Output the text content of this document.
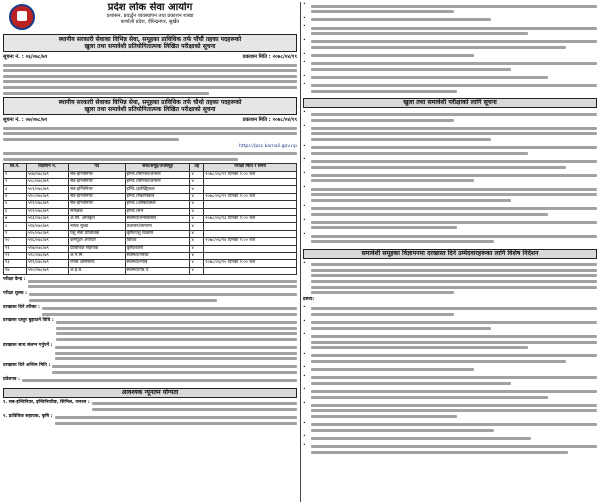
प्रदेश लोक सेवा आयोग
प्रशासन, प्रवर्द्धन व्यवस्थापन तथा प्रकाशन शाखा
कर्णाली प्रदेश, वीरेन्द्रनगर, सुर्खेत
स्थानीय सरकारी सेवाका विभिन्न सेवा, समूहका प्राविधिक तर्फ पाँचौं तहका पदहरूको
खुला तथा समावेशी प्रतियोगितात्मक लिखित परीक्षाको सूचना
सूचना नं. : ०६/०७८/७९	प्रकाशन मिति : २०७८/०४/१९
स्थानीय सरकारी सेवाका विभिन्न सेवा, समूहका प्राविधिक तर्फ चौथो तहका पदहरूको
खुला तथा समावेशी प्रतियोगितात्मक लिखित परीक्षाको सूचना
सूचना नं. : ०७/०७८/७९	प्रकाशन मिति : २०७८/०४/१९
https://psc.karnali.gov.np
सि.नं.	विज्ञापन नं.	पद	सेवा/समूह/उपसमूह	तह	परीक्षा मिति र समय
१	५०७/०७८/७९	सव-इन्जिनियर	इन्जि./सिभिल/जनरल	४	२०७८/०६/११ दिनको १:०० बजे
२	५०८/०७८/७९	सव-इन्जिनियर	इन्जि./सिभिल/जनरल	४	
३	५०९/०७८/७९	सव-इन्जिनियर	इन्जि./इलेक्ट्रिकल	४	
४	५१०/०७८/७९	सव-इन्जिनियर	इन्जि./मेकानिकल	४	२०७८/०६/१२ दिनको १:०० बजे
५	५११/०७८/७९	सव-इन्जिनियर	इन्जि./आर्किटेक्चर	४	
६	५१२/०७८/७९	सर्भेक्षक	इन्जि./सर्भे	४	
७	५१३/०७८/७९	अ.सि. अधिकृत	स्वास्थ्य/जनस्वास्थ्य	४	२०७८/०६/१३ दिनको १:०० बजे
८	५१४/०७८/७९	नायब सुब्बा	प्रशासन/सामान्य	४	
९	५१५/०७८/७९	पशु सेवा प्राविधिक	कृषि/पशु विकास	४	
१०	५१६/०७८/७९	कम्प्युटर अपरेटर	विविध	४	२०७८/०६/१४ दिनको १:०० बजे
११	५१७/०७८/७९	प्राविधिक सहायक	कृषि/बाली	४	
१२	५१८/०७८/७९	अ.न.मि.	स्वास्थ्य/नर्सिङ	४	
१३	५१९/०७८/७९	ल्याब असिस्टेन्ट	स्वास्थ्य/ल्याब	४	२०७८/०६/१५ दिनको १:०० बजे
१४	५२०/०७८/७९	अ.हे.ब.	स्वास्थ्य/एच.ए.	४	
परीक्षा केन्द्र :
परीक्षा शुल्क :
दरखास्त दिने तरिका :
दरखास्त दस्तुर बुझाउने विधि :
दरखास्त साथ संलग्न गर्नुपर्ने :
दरखास्त दिने अन्तिम मिति :
प्रवेशपत्र :
आवश्यक न्यूनतम योग्यता
१. सब-इन्जिनियर, इन्जिनियरिङ, सिभिल, जनरल :
२. प्राविधिक सहायक, कृषि :
•
•
•
•
•
•
•
•
खुला तथा समावेशी परीक्षाको लागि सूचना
•
•
•
•
•
•
•
•
•
समावेशी समूहका विज्ञापनमा दरखास्त दिने उम्मेदवारहरूका लागि विशेष निर्देशन
•
द्रष्टव्य:
•
•
•
•
•
•
•
•
•
•
•
